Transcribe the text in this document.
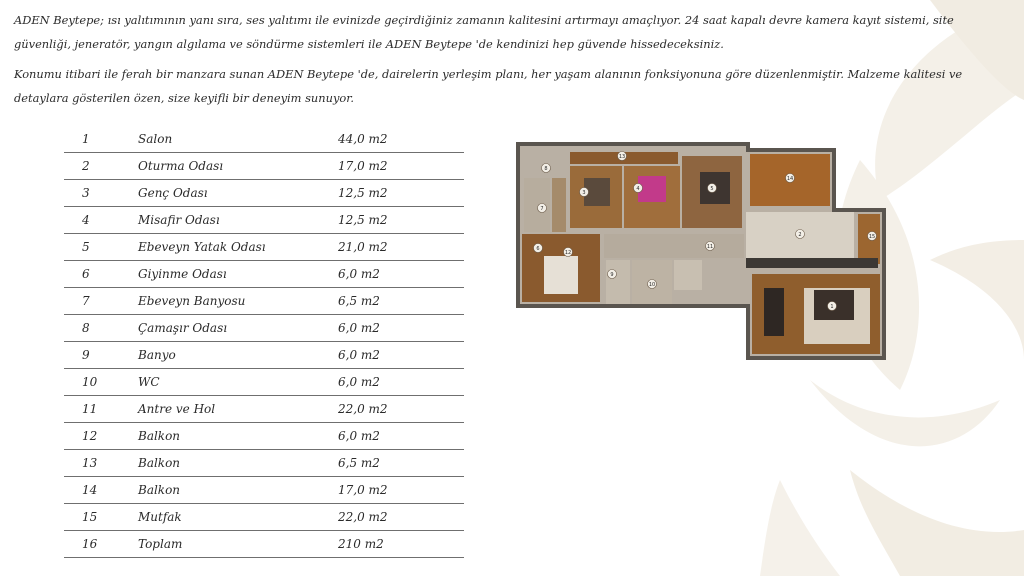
ADEN Beytepe; ısı yalıtımının yanı sıra, ses yalıtımı ile evinizde geçirdiğiniz zamanın kalitesini artırmayı amaçlıyor. 24 saat kapalı devre kamera kayıt sistemi, site güvenliği, jeneratör, yangın algılama ve söndürme sistemleri ile ADEN Beytepe 'de kendinizi hep güvende hissedeceksiniz.

Konumu itibari ile ferah bir manzara sunan ADEN Beytepe 'de, dairelerin yerleşim planı, her yaşam alanının fonksiyonuna göre düzenlenmiştir. Malzeme kalitesi ve detaylara gösterilen özen, size keyifli bir deneyim sunuyor.

1	Salon	44,0 m2
2	Oturma Odası	17,0 m2
3	Genç Odası	12,5 m2
4	Misafir Odası	12,5 m2
5	Ebeveyn Yatak Odası	21,0 m2
6	Giyinme Odası	6,0 m2
7	Ebeveyn Banyosu	6,5 m2
8	Çamaşır Odası	6,0 m2
9	Banyo	6,0 m2
10	WC	6,0 m2
11	Antre ve Hol	22,0 m2
12	Balkon	6,0 m2
13	Balkon	6,5 m2
14	Balkon	17,0 m2
15	Mutfak	22,0 m2
16	Toplam	210 m2
1
2
3
4	5
6
7
8
9
10
11
12
13
14
15
